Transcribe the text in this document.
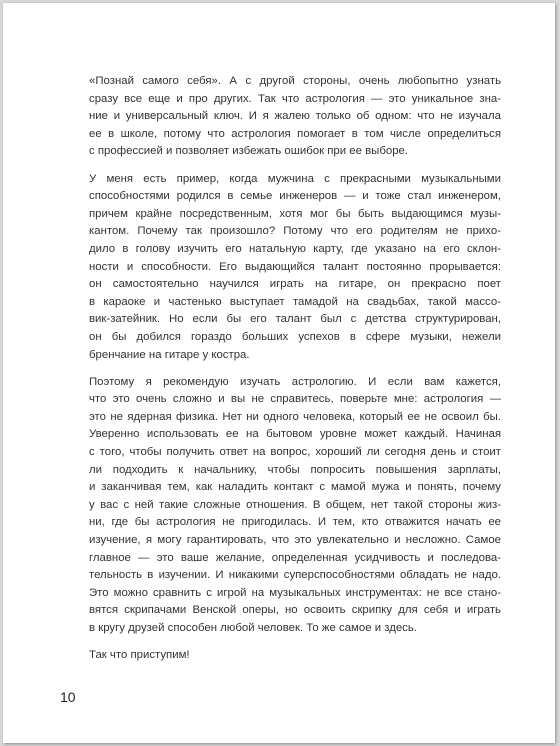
«Познай самого себя». А с другой стороны, очень любопытно узнать
сразу все еще и про других. Так что астрология — это уникальное зна-
ние и универсальный ключ. И я жалею только об одном: что не изучала
ее в школе, потому что астрология помогает в том числе определиться
с профессией и позволяет избежать ошибок при ее выборе.
У меня есть пример, когда мужчина с прекрасными музыкальными
способностями родился в семье инженеров — и тоже стал инженером,
причем крайне посредственным, хотя мог бы быть выдающимся музы-
кантом. Почему так произошло? Потому что его родителям не прихо-
дило в голову изучить его натальную карту, где указано на его склон-
ности и способности. Его выдающийся талант постоянно прорывается:
он самостоятельно научился играть на гитаре, он прекрасно поет
в караоке и частенько выступает тамадой на свадьбах, такой массо-
вик-затейник. Но если бы его талант был с детства структурирован,
он бы добился гораздо больших успехов в сфере музыки, нежели
бренчание на гитаре у костра.
Поэтому я рекомендую изучать астрологию. И если вам кажется,
что это очень сложно и вы не справитесь, поверьте мне: астрология —
это не ядерная физика. Нет ни одного человека, который ее не освоил бы.
Уверенно использовать ее на бытовом уровне может каждый. Начиная
с того, чтобы получить ответ на вопрос, хороший ли сегодня день и стоит
ли подходить к начальнику, чтобы попросить повышения зарплаты,
и заканчивая тем, как наладить контакт с мамой мужа и понять, почему
у вас с ней такие сложные отношения. В общем, нет такой стороны жиз-
ни, где бы астрология не пригодилась. И тем, кто отважится начать ее
изучение, я могу гарантировать, что это увлекательно и несложно. Самое
главное — это ваше желание, определенная усидчивость и последова-
тельность в изучении. И никакими суперспособностями обладать не надо.
Это можно сравнить с игрой на музыкальных инструментах: не все стано-
вятся скрипачами Венской оперы, но освоить скрипку для себя и играть
в кругу друзей способен любой человек. То же самое и здесь.
Так что приступим!
10
